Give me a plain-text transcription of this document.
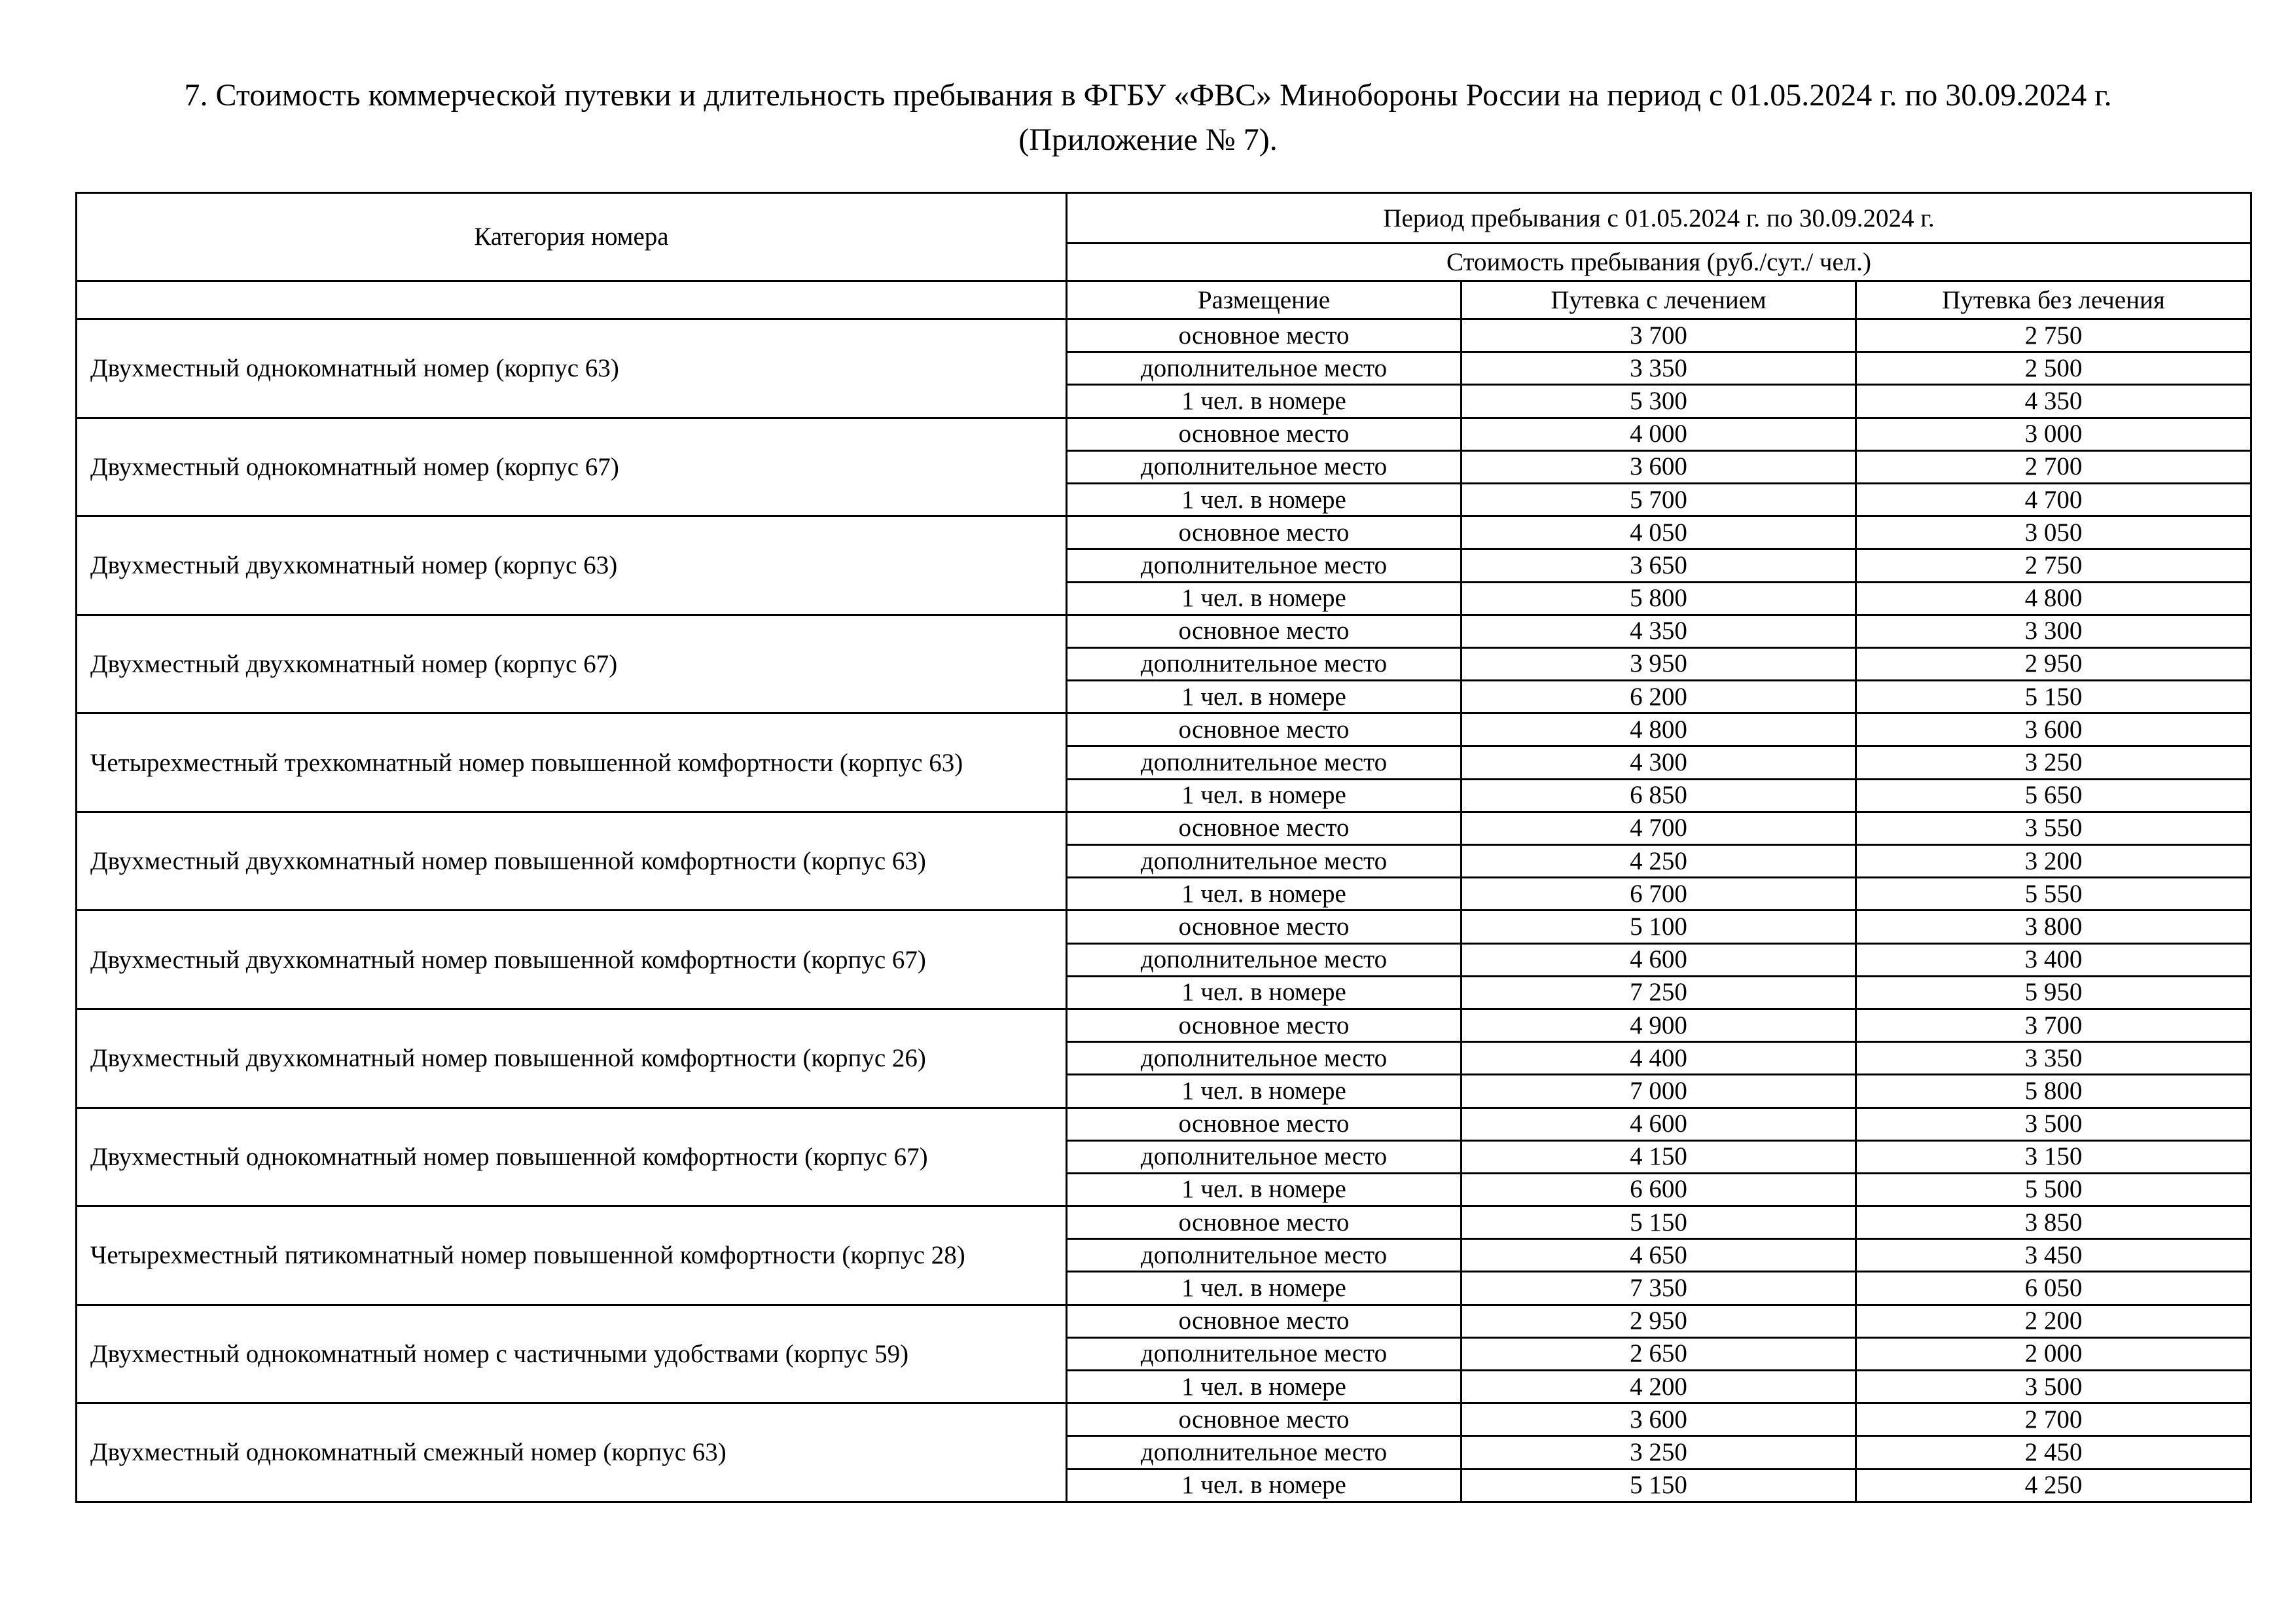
7. Стоимость коммерческой путевки и длительность пребывания в ФГБУ «ФВС» Минобороны России на период с 01.05.2024 г. по 30.09.2024 г.
(Приложение № 7).
Категория номера	Период пребывания с 01.05.2024 г. по 30.09.2024 г.		
	Стоимость пребывания (руб./сут./ чел.)		
	Размещение	Путевка с лечением	Путевка без лечения
Двухместный однокомнатный номер (корпус 63)	основное место	3 700	2 750
	дополнительное место	3 350	2 500
	1 чел. в номере	5 300	4 350
Двухместный однокомнатный номер (корпус 67)	основное место	4 000	3 000
	дополнительное место	3 600	2 700
	1 чел. в номере	5 700	4 700
Двухместный двухкомнатный номер (корпус 63)	основное место	4 050	3 050
	дополнительное место	3 650	2 750
	1 чел. в номере	5 800	4 800
Двухместный двухкомнатный номер (корпус 67)	основное место	4 350	3 300
	дополнительное место	3 950	2 950
	1 чел. в номере	6 200	5 150
Четырехместный трехкомнатный номер повышенной комфортности (корпус 63)	основное место	4 800	3 600
	дополнительное место	4 300	3 250
	1 чел. в номере	6 850	5 650
Двухместный двухкомнатный номер повышенной комфортности (корпус 63)	основное место	4 700	3 550
	дополнительное место	4 250	3 200
	1 чел. в номере	6 700	5 550
Двухместный двухкомнатный номер повышенной комфортности (корпус 67)	основное место	5 100	3 800
	дополнительное место	4 600	3 400
	1 чел. в номере	7 250	5 950
Двухместный двухкомнатный номер повышенной комфортности (корпус 26)	основное место	4 900	3 700
	дополнительное место	4 400	3 350
	1 чел. в номере	7 000	5 800
Двухместный однокомнатный номер повышенной комфортности (корпус 67)	основное место	4 600	3 500
	дополнительное место	4 150	3 150
	1 чел. в номере	6 600	5 500
Четырехместный пятикомнатный номер повышенной комфортности (корпус 28)	основное место	5 150	3 850
	дополнительное место	4 650	3 450
	1 чел. в номере	7 350	6 050
Двухместный однокомнатный номер с частичными удобствами (корпус 59)	основное место	2 950	2 200
	дополнительное место	2 650	2 000
	1 чел. в номере	4 200	3 500
Двухместный однокомнатный смежный номер (корпус 63)	основное место	3 600	2 700
	дополнительное место	3 250	2 450
	1 чел. в номере	5 150	4 250
